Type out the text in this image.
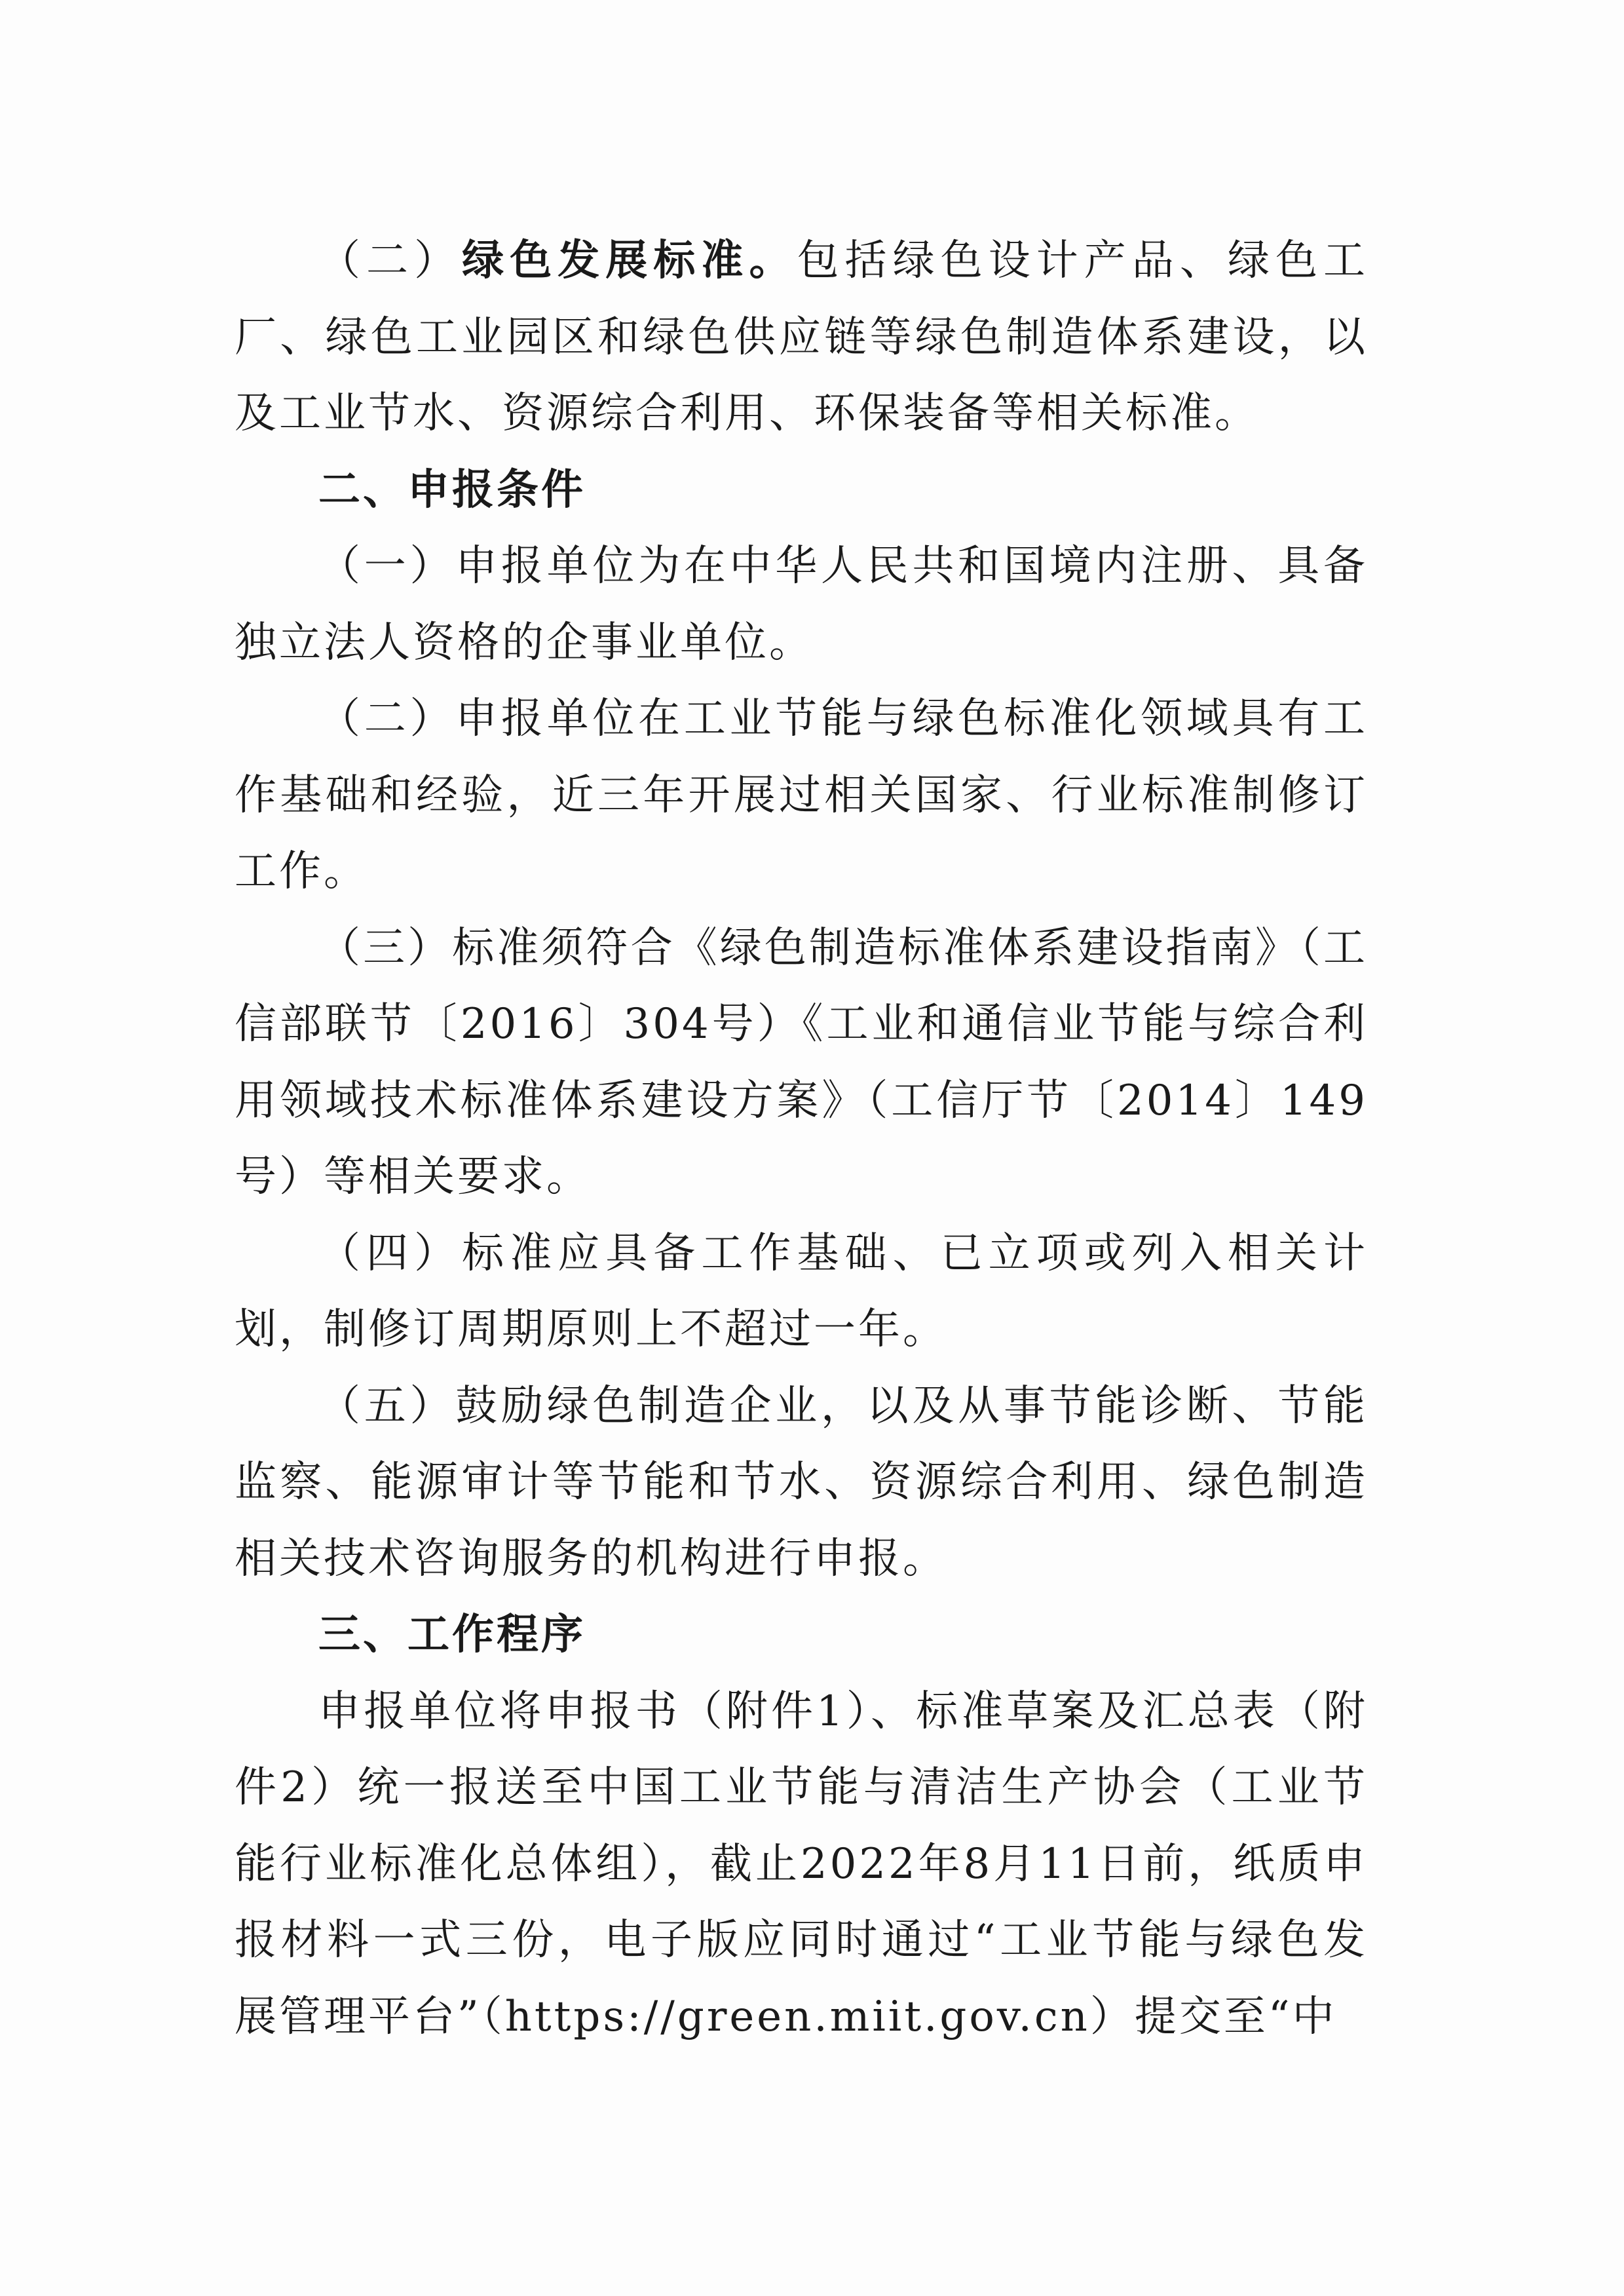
（二）绿色发展标准。包括绿色设计产品、绿色工厂、绿色工业园区和绿色供应链等绿色制造体系建设，以及工业节水、资源综合利用、环保装备等相关标准。

二、申报条件

（一）申报单位为在中华人民共和国境内注册、具备独立法人资格的企事业单位。

（二）申报单位在工业节能与绿色标准化领域具有工作基础和经验，近三年开展过相关国家、行业标准制修订工作。

（三）标准须符合《绿色制造标准体系建设指南》（工信部联节〔2016〕304号）《工业和通信业节能与综合利用领域技术标准体系建设方案》（工信厅节〔2014〕149号）等相关要求。

（四）标准应具备工作基础、已立项或列入相关计划，制修订周期原则上不超过一年。

（五）鼓励绿色制造企业，以及从事节能诊断、节能监察、能源审计等节能和节水、资源综合利用、绿色制造相关技术咨询服务的机构进行申报。

三、工作程序

申报单位将申报书（附件1）、标准草案及汇总表（附件2）统一报送至中国工业节能与清洁生产协会（工业节能行业标准化总体组），截止2022年8月11日前，纸质申报材料一式三份，电子版应同时通过“工业节能与绿色发展管理平台”（https://green.miit.gov.cn）提交至“中
